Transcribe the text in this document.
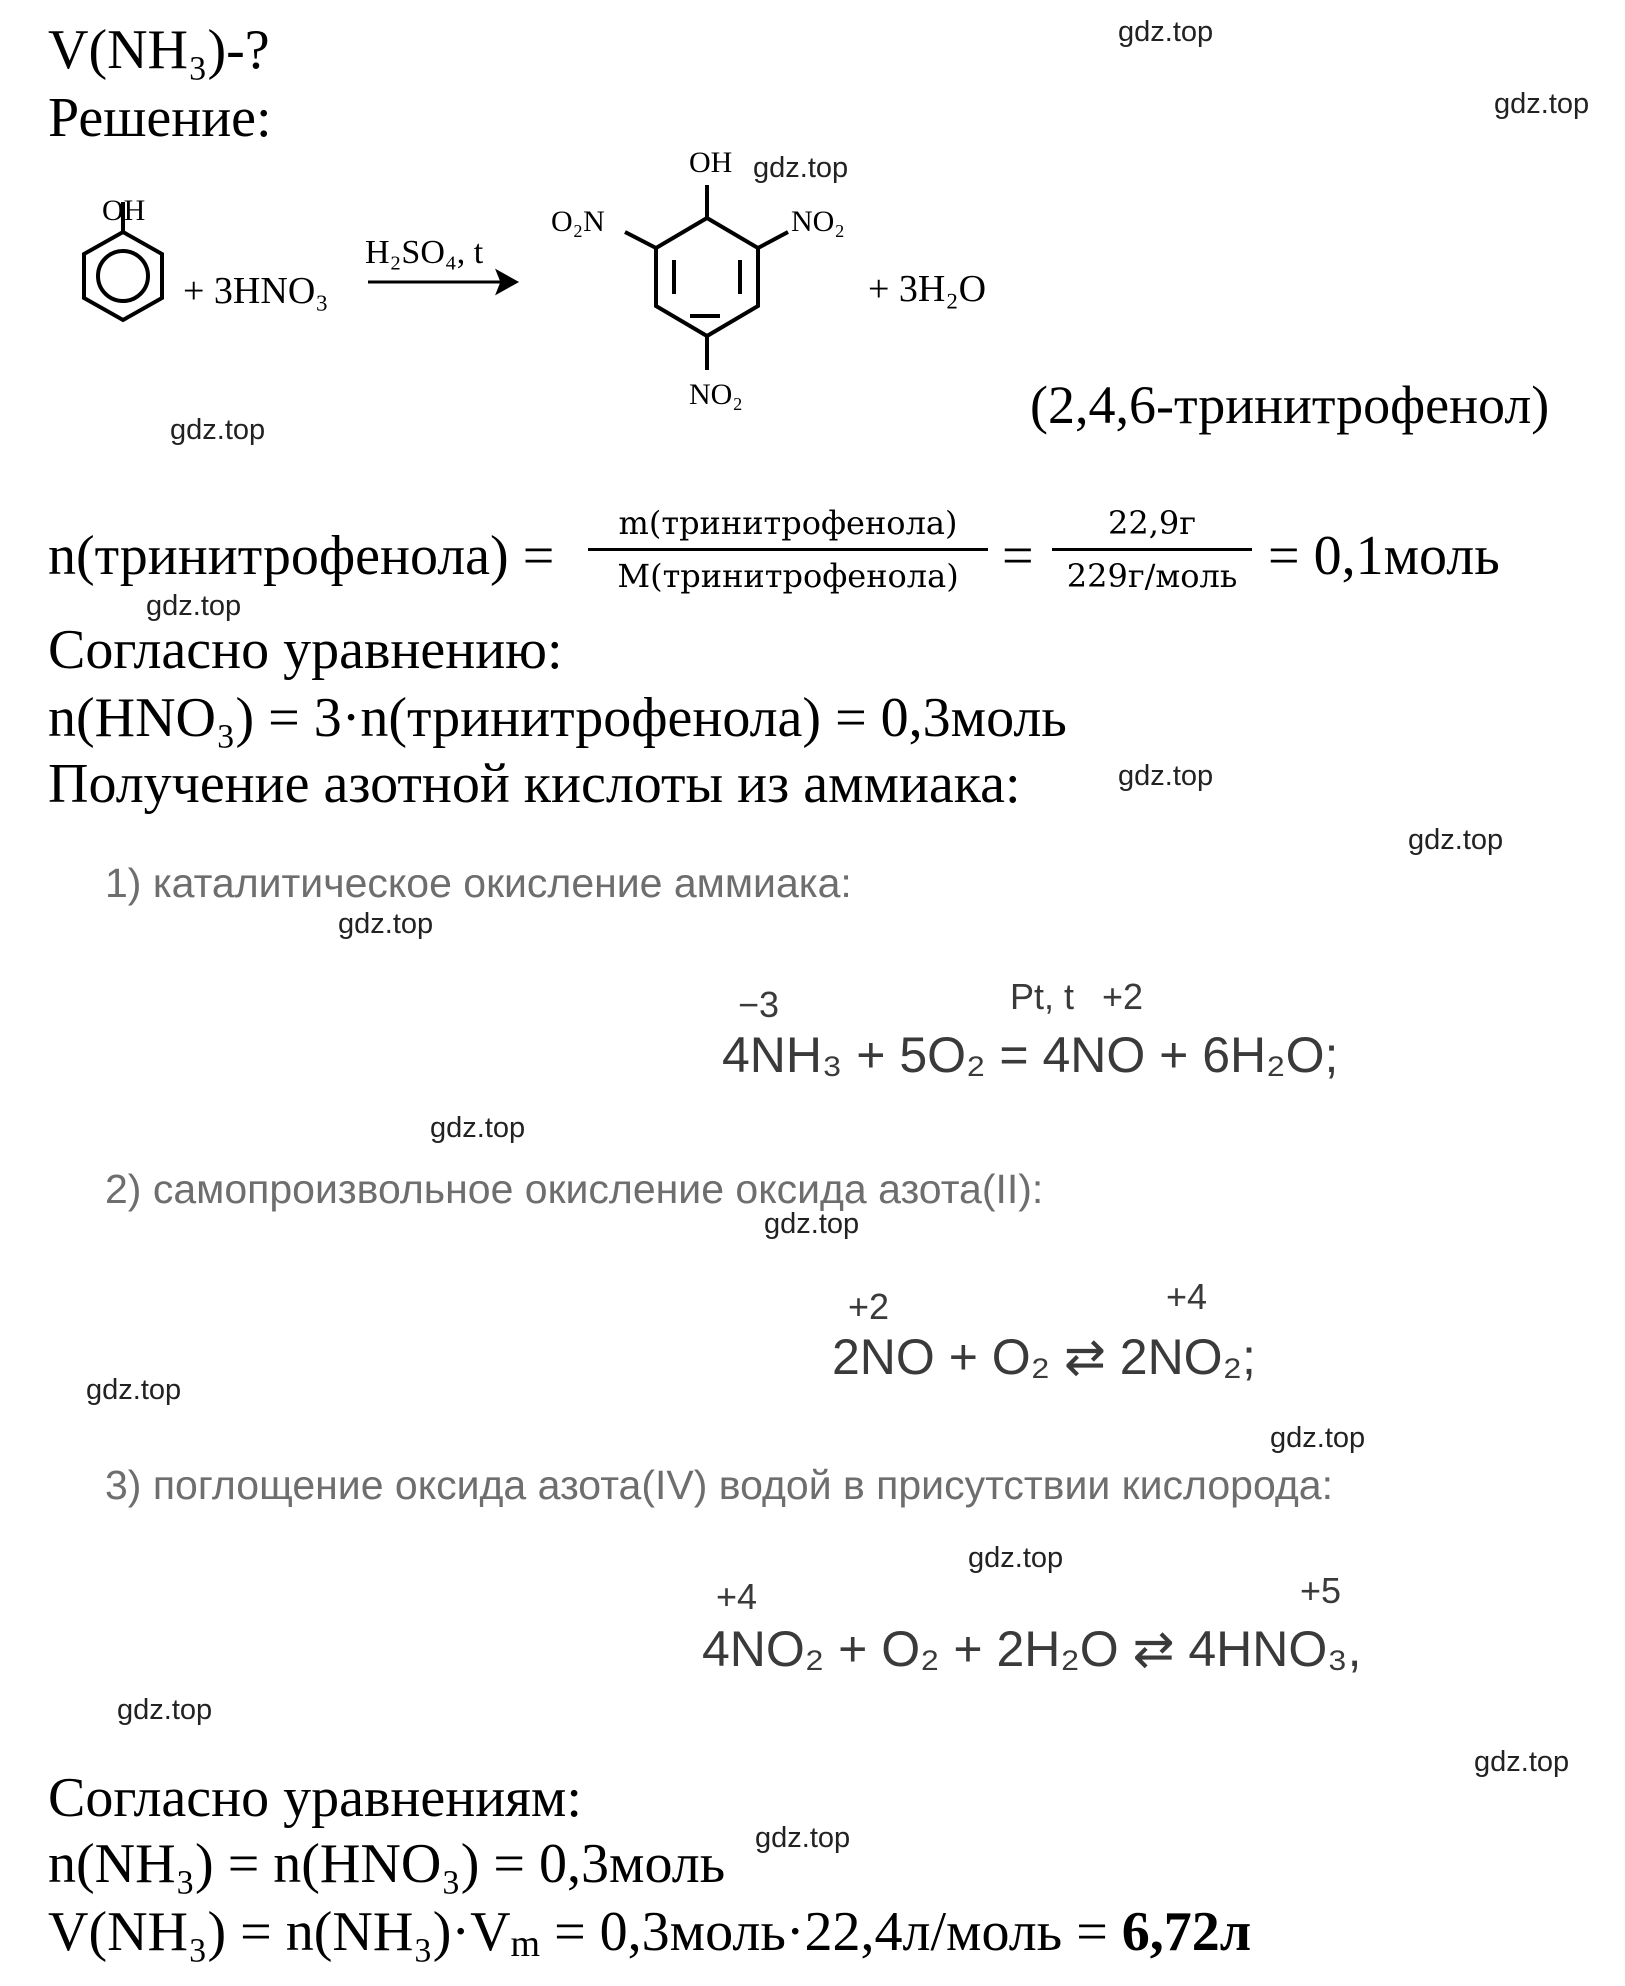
V(NH₃)-?
Решение:
OH
+ 3HNO₃
H₂SO₄, t
OH
O₂N	NO₂
NO₂
+ 3H₂O
(2,4,6-тринитрофенол)
n(тринитрофенола) =
m(тринитрофенола)
M(тринитрофенола) =
22,9г
229г/моль = 0,1моль
Согласно уравнению:
n(HNO₃) = 3·n(тринитрофенола) = 0,3моль
Получение азотной кислоты из аммиака:
1) каталитическое окисление аммиака:
−3	Pt, t +2
4NH₃ + 5O₂ = 4NO + 6H₂O;
2) самопроизвольное окисление оксида азота(II):
+2	+4
2NO + O₂ ⇄ 2NO₂;
3) поглощение оксида азота(IV) водой в присутствии кислорода:
+4	+5
4NO₂ + O₂ + 2H₂O ⇄ 4HNO₃,
Согласно уравнениям:
n(NH₃) = n(HNO₃) = 0,3моль
$V(NH_3) = n(NH_3)\cdot V_m$ = 0,3моль·22,4л/моль = 6,72л
gdz.top
gdz.top
gdz.top
gdz.top
gdz.top
gdz.top
gdz.top
gdz.top
gdz.top
gdz.top
gdz.top
gdz.top
gdz.top
gdz.top
gdz.top
gdz.top
